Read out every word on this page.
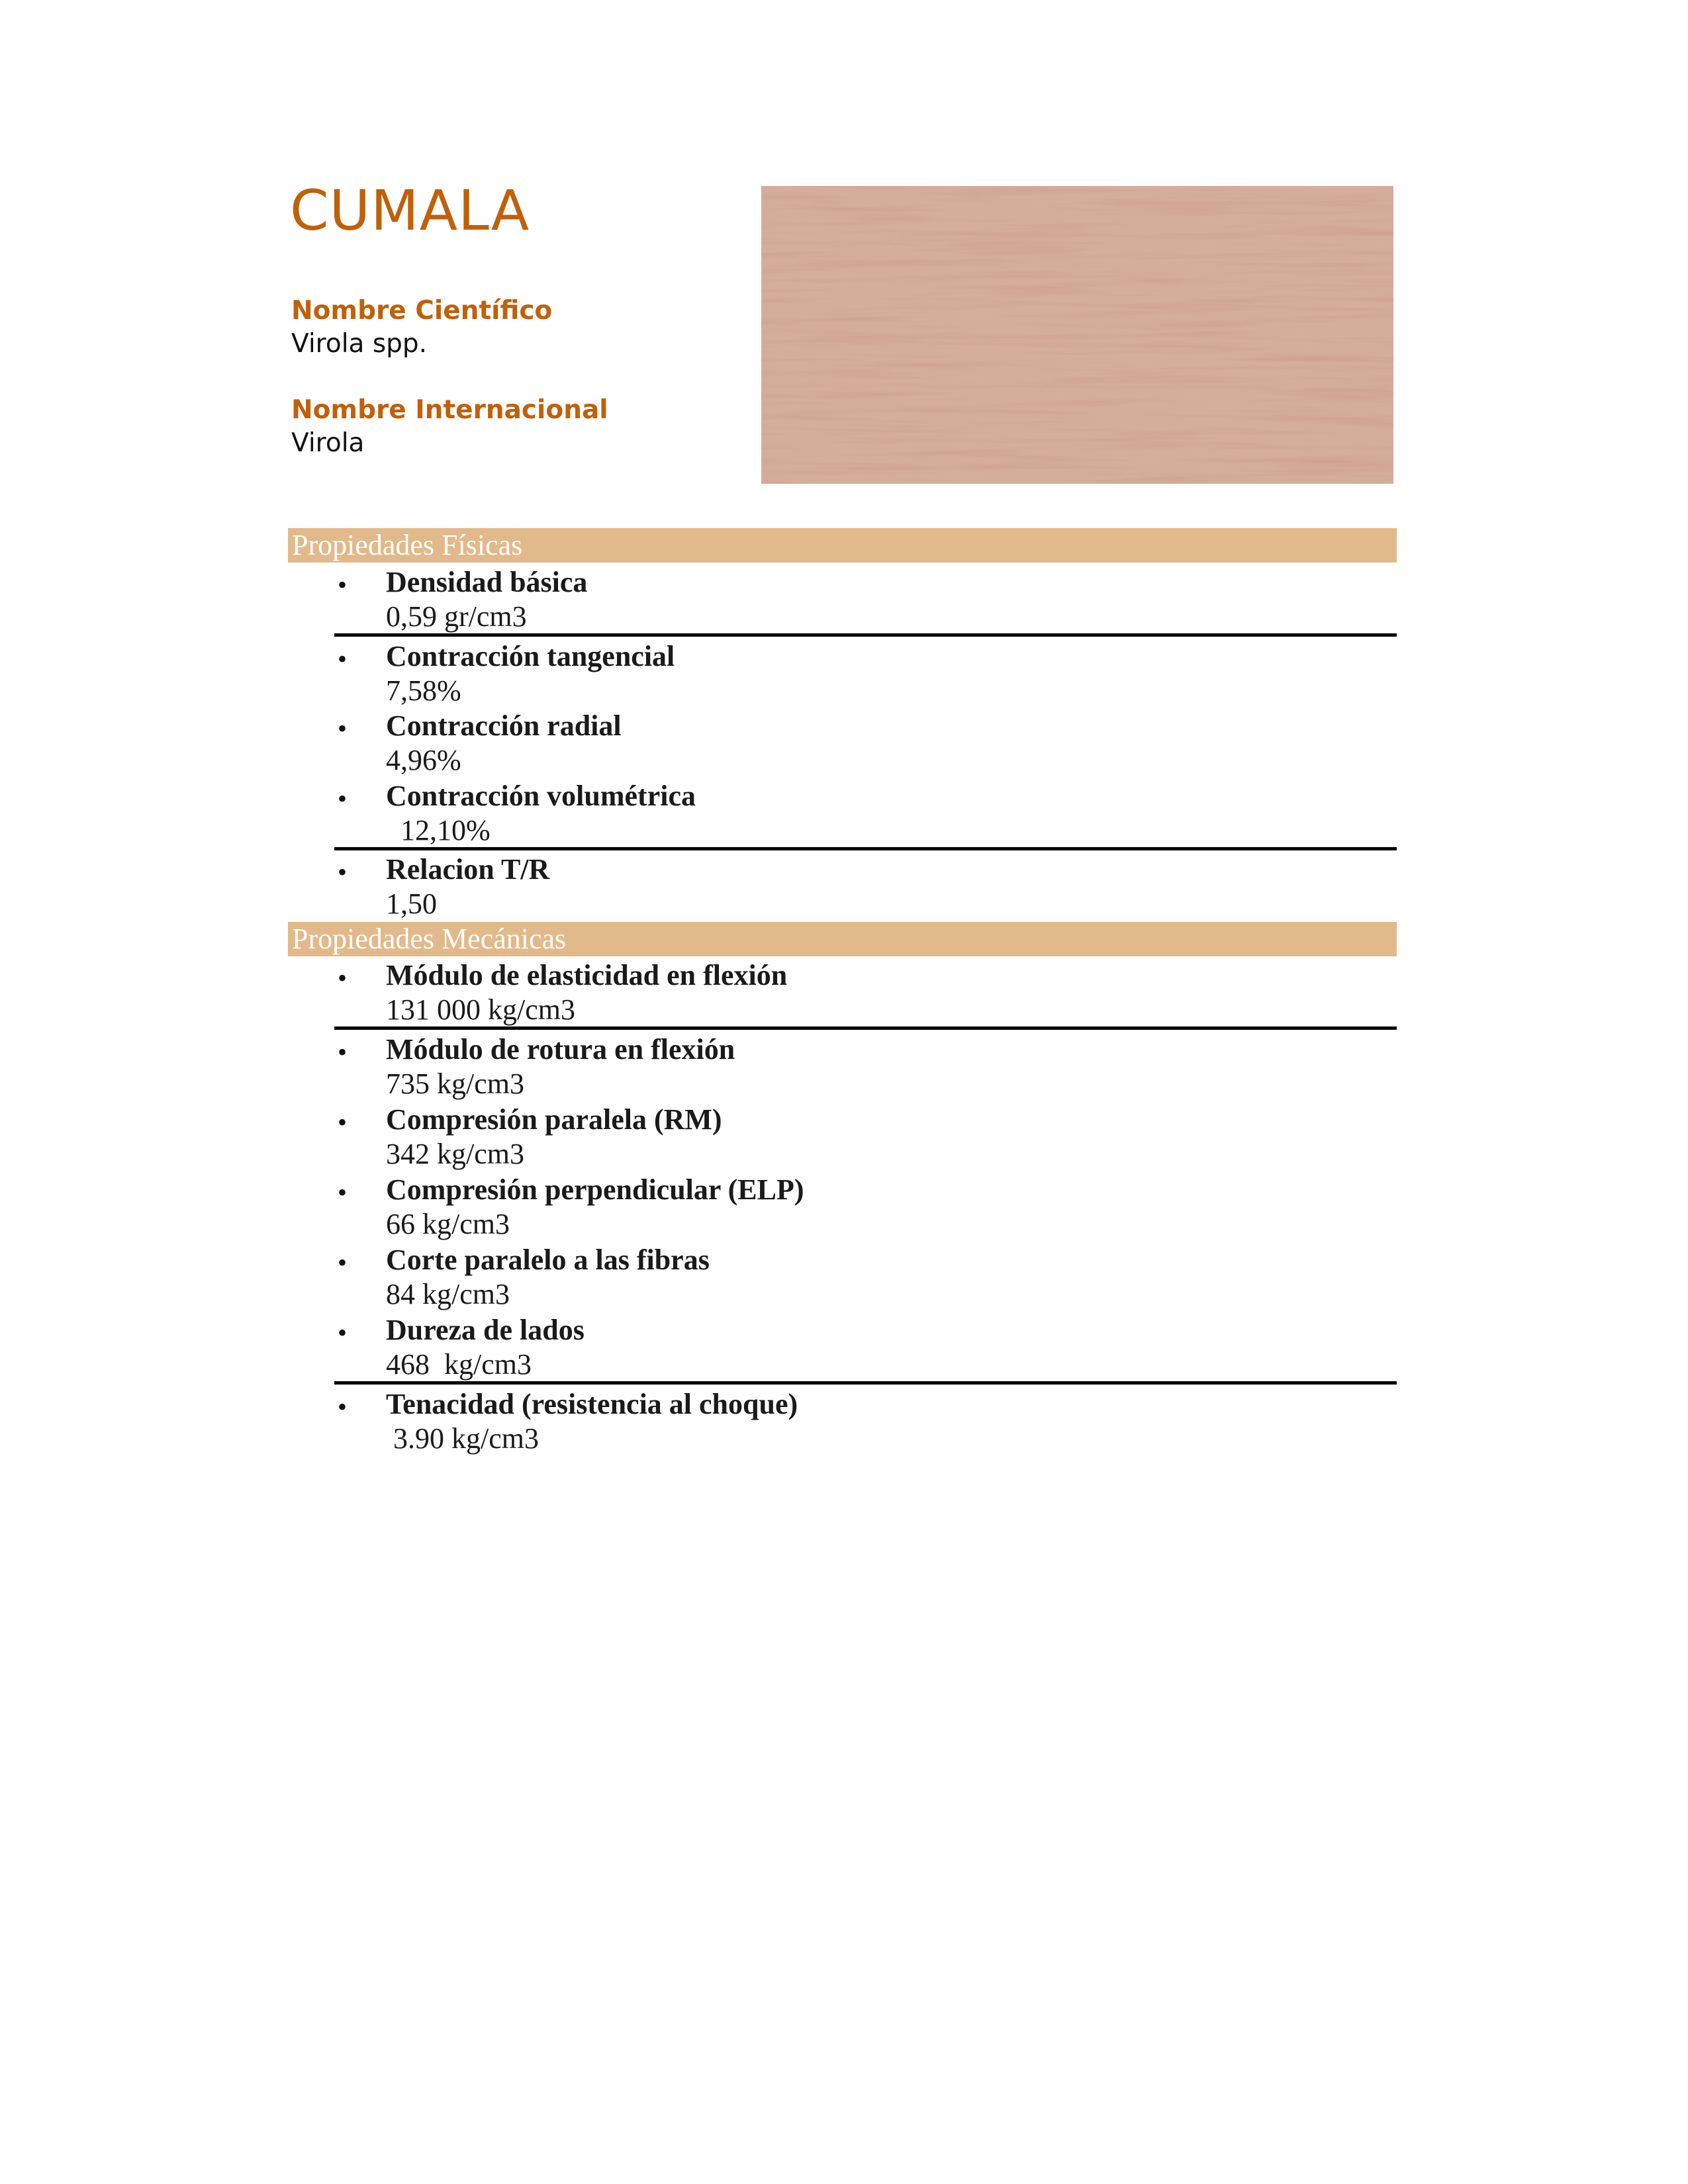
CUMALA
Nombre Científico
Virola spp.
Nombre Internacional
Virola
Propiedades Físicas
• Densidad básica
0,59 gr/cm3
• Contracción tangencial
7,58%
• Contracción radial
4,96%
• Contracción volumétrica
12,10%
• Relacion T/R
1,50
Propiedades Mecánicas
• Módulo de elasticidad en flexión
131 000 kg/cm3
• Módulo de rotura en flexión
735 kg/cm3
• Compresión paralela (RM)
342 kg/cm3
• Compresión perpendicular (ELP)
66 kg/cm3
• Corte paralelo a las fibras
84 kg/cm3
• Dureza de lados
468  kg/cm3
• Tenacidad (resistencia al choque)
3.90 kg/cm3
